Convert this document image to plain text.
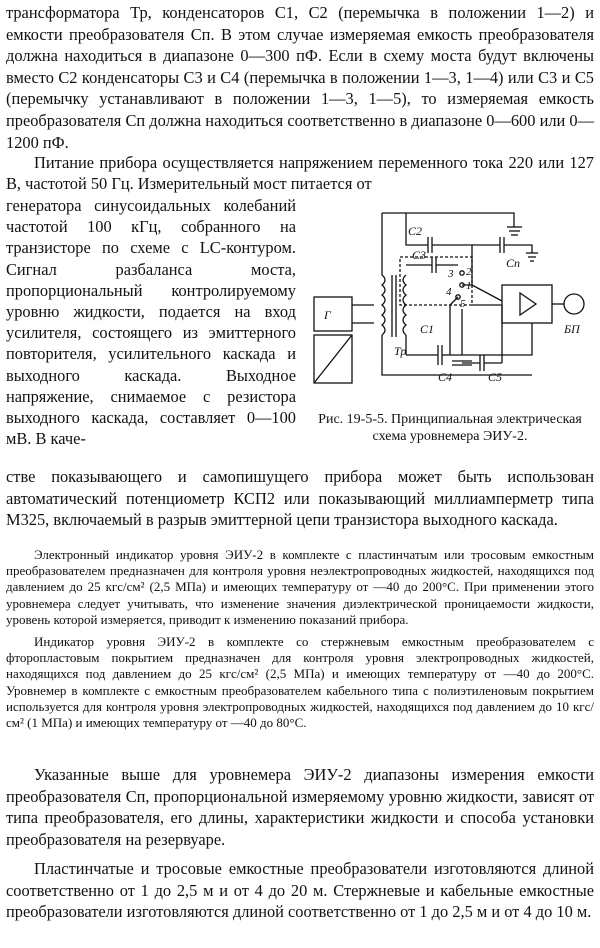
трансформатора Тр, конденсаторов С1, С2 (перемычка в положении 1—2) и емкости преобразователя Сп. В этом случае измеряемая емкость преобразователя должна находиться в диапазоне 0—300 пФ. Если в схему моста будут включены вместо С2 конденсаторы С3 и С4 (перемычка в положении 1—3, 1—4) или С3 и С5 (перемычку устанавливают в положении 1—3, 1—5), то измеряемая емкость преобразователя Сп должна находиться соответственно в диапазоне 0—600 или 0—1200 пФ.

Питание прибора осуществляется напряжением переменного тока 220 или 127 В, частотой 50 Гц. Измерительный мост питается от

генератора синусоидальных колебаний частотой 100 кГц, собранного на транзисторе по схеме с LC-контуром. Сигнал разбаланса моста, пропорциональный контролируемому уровню жидкости, подается на вход усилителя, состоящего из эмиттерного повторителя, усилительного каскада и выходного каскада. Выходное напряжение, снимаемое с резистора выходного каскада, составляет 0—100 мВ. В каче-

стве показывающего и самопишущего прибора может быть использован автоматический потенциометр КСП2 или показывающий миллиамперметр типа М325, включаемый в разрыв эмиттерной цепи транзистора выходного каскада.

Г
C2
C3
C1
C4	C5
Cп
Тр
БП
2
3
1
4
5

Рис. 19-5-5. Принципиальная электрическая схема уровнемера ЭИУ-2.

Электронный индикатор уровня ЭИУ-2 в комплекте с пластинчатым или тросовым емкостным преобразователем предназначен для контроля уровня неэлектропроводных жидкостей, находящихся под давлением до 25 кгс/см² (2,5 МПа) и имеющих температуру от —40 до 200°С. При применении этого уровнемера следует учитывать, что изменение значения диэлектрической проницаемости жидкости, уровень которой измеряется, приводит к изменению показаний прибора.

Индикатор уровня ЭИУ-2 в комплекте со стержневым емкостным преобразователем с фторопластовым покрытием предназначен для контроля уровня электропроводных жидкостей, находящихся под давлением до 25 кгс/см² (2,5 МПа) и имеющих температуру от —40 до 200°С. Уровнемер в комплекте с емкостным преобразователем кабельного типа с полиэтиленовым покрытием используется для контроля уровня электропроводных жидкостей, находящихся под давлением до 10 кгс/см² (1 МПа) и имеющих температуру от —40 до 80°С.

Указанные выше для уровнемера ЭИУ-2 диапазоны измерения емкости преобразователя Сп, пропорциональной измеряемому уровню жидкости, зависят от типа преобразователя, его длины, характеристики жидкости и способа установки преобразователя на резервуаре.

Пластинчатые и тросовые емкостные преобразователи изготовляются длиной соответственно от 1 до 2,5 м и от 4 до 20 м. Стержневые и кабельные емкостные преобразователи изготовляются длиной соответственно от 1 до 2,5 м и от 4 до 10 м.
